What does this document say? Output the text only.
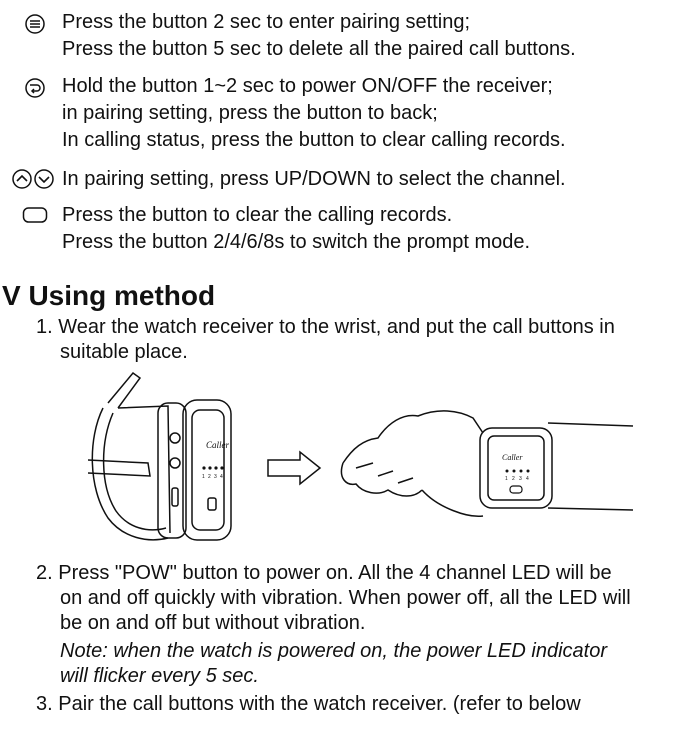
Press the button 2 sec to enter pairing setting;
Press the button 5 sec to delete all the paired call buttons.
Hold the button 1~2 sec to power ON/OFF the receiver;
in pairing setting, press the button to back;
In calling status, press the button to clear calling records.
In pairing setting, press UP/DOWN to select the channel.
Press the button to clear the calling records.
Press the button 2/4/6/8s to switch the prompt mode.
V Using method
1. Wear the watch receiver to the wrist, and put the call buttons in
suitable place.
Caller
1 2 3 4
Caller
1 2 3 4
2. Press "POW" button to power on. All the 4 channel LED will be
on and off quickly with vibration. When power off, all the LED will
be on and off but without vibration.
Note: when the watch is powered on, the power LED indicator
will flicker every 5 sec.
3. Pair the call buttons with the watch receiver. (refer to below
